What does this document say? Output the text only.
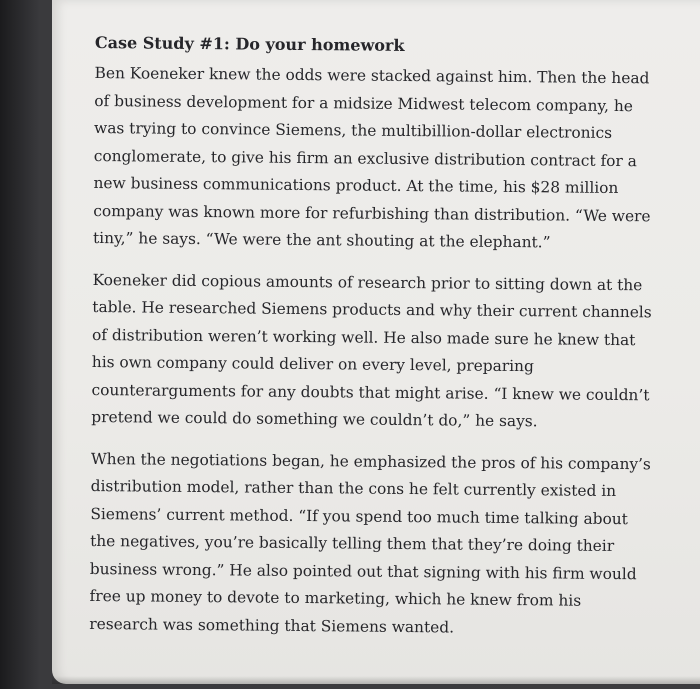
Case Study #1: Do your homework
Ben Koeneker knew the odds were stacked against him. Then the head
of business development for a midsize Midwest telecom company, he
was trying to convince Siemens, the multibillion-dollar electronics
conglomerate, to give his firm an exclusive distribution contract for a
new business communications product. At the time, his $28 million
company was known more for refurbishing than distribution. “We were
tiny,” he says. “We were the ant shouting at the elephant.”
Koeneker did copious amounts of research prior to sitting down at the
table. He researched Siemens products and why their current channels
of distribution weren’t working well. He also made sure he knew that
his own company could deliver on every level, preparing
counterarguments for any doubts that might arise. “I knew we couldn’t
pretend we could do something we couldn’t do,” he says.
When the negotiations began, he emphasized the pros of his company’s
distribution model, rather than the cons he felt currently existed in
Siemens’ current method. “If you spend too much time talking about
the negatives, you’re basically telling them that they’re doing their
business wrong.” He also pointed out that signing with his firm would
free up money to devote to marketing, which he knew from his
research was something that Siemens wanted.
